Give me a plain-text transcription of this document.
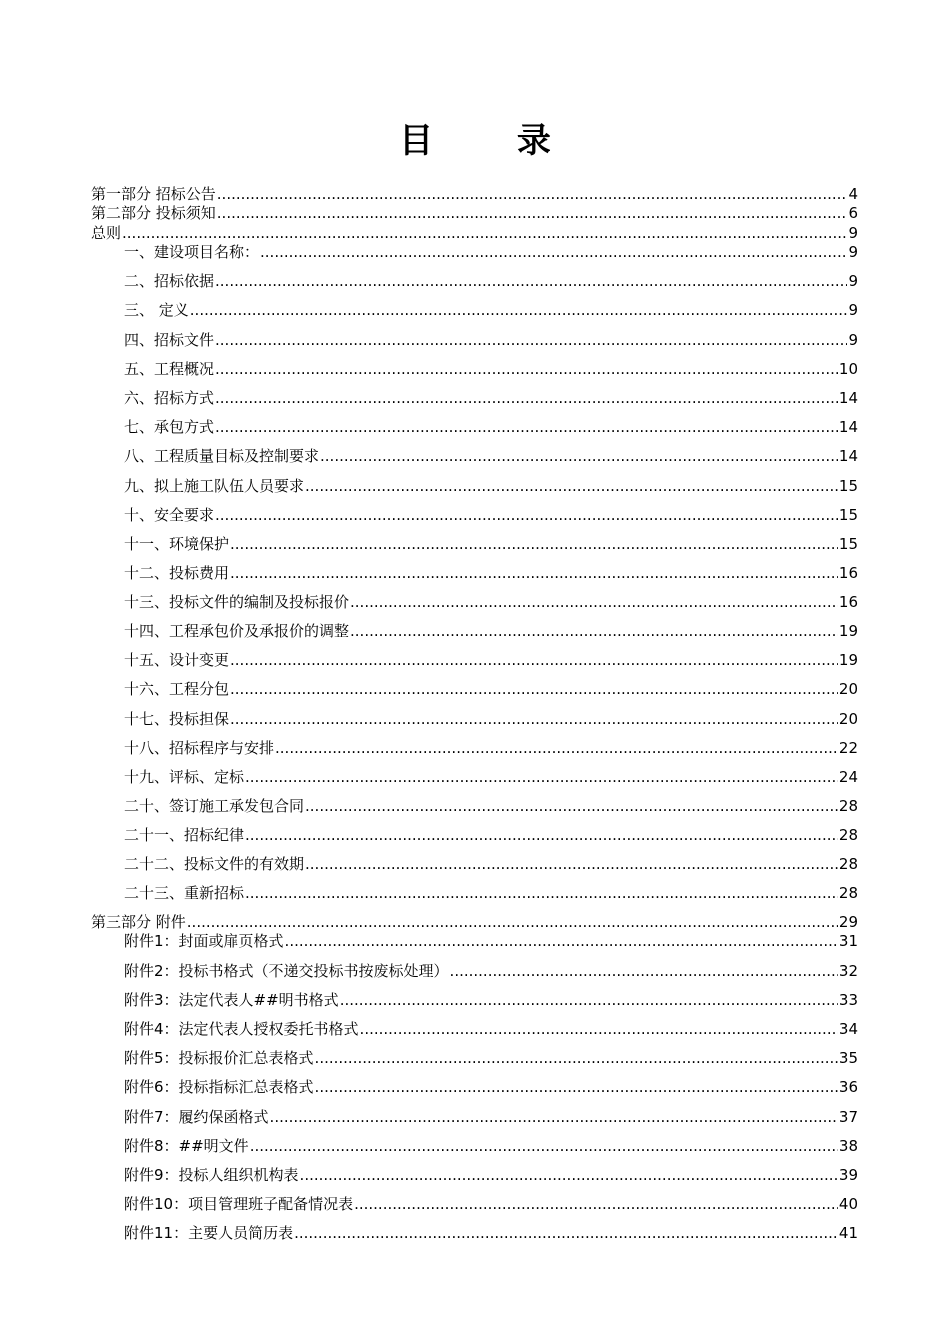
目 录
第一部分 招标公告 .....	4
第二部分 投标须知 .....	6
总则 .....	9
一、建设项目名称： .....	9
二、招标依据 .....	9
三、 定义 .....	9
四、招标文件 .....	9
五、工程概况 .....	10
六、招标方式 .....	14
七、承包方式 .....	14
八、工程质量目标及控制要求 .....	14
九、拟上施工队伍人员要求 .....	15
十、安全要求 .....	15
十一、环境保护 .....	15
十二、投标费用 .....	16
十三、投标文件的编制及投标报价 .....	16
十四、工程承包价及承报价的调整 .....	19
十五、设计变更 .....	19
十六、工程分包 .....	20
十七、投标担保 .....	20
十八、招标程序与安排 .....	22
十九、评标、定标 .....	24
二十、签订施工承发包合同 .....	28
二十一、招标纪律 .....	28
二十二、投标文件的有效期 .....	28
二十三、重新招标 .....	28
第三部分 附件 .....	29
附件1：封面或扉页格式 .....	31
附件2：投标书格式（不递交投标书按废标处理） .....	32
附件3：法定代表人##明书格式 .....	33
附件4：法定代表人授权委托书格式 .....	34
附件5：投标报价汇总表格式 .....	35
附件6：投标指标汇总表格式 .....	36
附件7：履约保函格式 .....	37
附件8：##明文件 .....	38
附件9：投标人组织机构表 .....	39
附件10：项目管理班子配备情况表 .....	40
附件11：主要人员简历表 .....	41
